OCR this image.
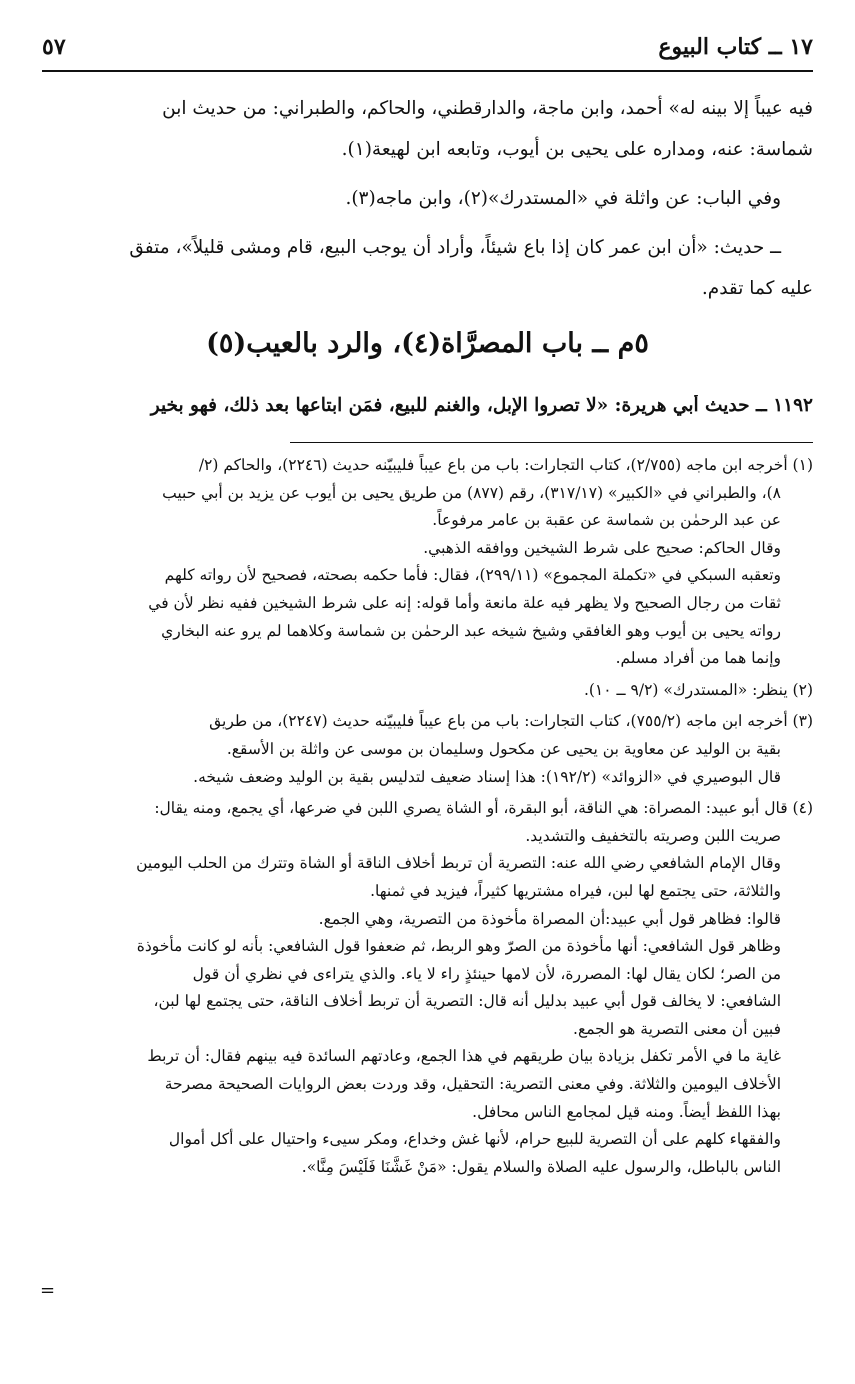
١٧ ــ كتاب البيوع
٥٧
فيه عيباً إلا بينه له» أحمد، وابن ماجة، والدارقطني، والحاكم، والطبراني: من حديث ابن
شماسة: عنه، ومداره على يحيى بن أيوب، وتابعه ابن لهيعة(١).
وفي الباب: عن واثلة في «المستدرك»(٢)، وابن ماجه(٣).
ــ حديث: «أن ابن عمر كان إذا باع شيئاً، وأراد أن يوجب البيع، قام ومشى قليلاً»، متفق
عليه كما تقدم.
٥م ــ باب المصرَّاة(٤)، والرد بالعيب(٥)
١١٩٢ ــ حديث أبي هريرة: «لا تصروا الإبل، والغنم للبيع، فمَن ابتاعها بعد ذلك، فهو بخير
(١) أخرجه ابن ماجه (٢/٧٥٥)، كتاب التجارات: باب من باع عيباً فليبيّنه حديث (٢٢٤٦)، والحاكم (٢/
٨)، والطبراني في «الكبير» (٣١٧/١٧)، رقم (٨٧٧) من طريق يحيى بن أيوب عن يزيد بن أبي حبيب
عن عبد الرحمٰن بن شماسة عن عقبة بن عامر مرفوعاً.
وقال الحاكم: صحيح على شرط الشيخين ووافقه الذهبي.
وتعقبه السبكي في «تكملة المجموع» (٢٩٩/١١)، فقال: فأما حكمه بصحته، فصحيح لأن رواته كلهم
ثقات من رجال الصحيح ولا يظهر فيه علة مانعة وأما قوله: إنه على شرط الشيخين ففيه نظر لأن في
رواته يحيى بن أيوب وهو الغافقي وشيخ شيخه عبد الرحمٰن بن شماسة وكلاهما لم يرو عنه البخاري
وإنما هما من أفراد مسلم.
(٢) ينظر: «المستدرك» (٩/٢ ــ ١٠).
(٣) أخرجه ابن ماجه (٧٥٥/٢)، كتاب التجارات: باب من باع عيباً فليبيّنه حديث (٢٢٤٧)، من طريق
بقية بن الوليد عن معاوية بن يحيى عن مكحول وسليمان بن موسى عن واثلة بن الأسقع.
قال البوصيري في «الزوائد» (١٩٢/٢): هذا إسناد ضعيف لتدليس بقية بن الوليد وضعف شيخه.
(٤) قال أبو عبيد: المصراة: هي الناقة، أبو البقرة، أو الشاة يصري اللبن في ضرعها، أي يجمع، ومنه يقال:
صريت اللبن وصريته بالتخفيف والتشديد.
وقال الإمام الشافعي رضي الله عنه: التصرية أن تربط أخلاف الناقة أو الشاة وتترك من الحلب اليومين
والثلاثة، حتى يجتمع لها لبن، فيراه مشتريها كثيراً، فيزيد في ثمنها.
قالوا: فظاهر قول أبي عبيد:أن المصراة مأخوذة من التصرية، وهي الجمع.
وظاهر قول الشافعي: أنها مأخوذة من الصرّ وهو الربط، ثم ضعفوا قول الشافعي: بأنه لو كانت مأخوذة
من الصر؛ لكان يقال لها: المصررة، لأن لامها حينئذٍ راء لا ياء. والذي يتراءى في نظري أن قول
الشافعي: لا يخالف قول أبي عبيد بدليل أنه قال: التصرية أن تربط أخلاف الناقة، حتى يجتمع لها لبن،
فبين أن معنى التصرية هو الجمع.
غاية ما في الأمر تكفل بزيادة بيان طريقهم في هذا الجمع، وعادتهم السائدة فيه بينهم فقال: أن تربط
الأخلاف اليومين والثلاثة. وفي معنى التصرية: التحقيل، وقد وردت بعض الروايات الصحيحة مصرحة
بهذا اللفظ أيضاً. ومنه قيل لمجامع الناس محافل.
والفقهاء كلهم على أن التصرية للبيع حرام، لأنها غش وخداع، ومكر سيىء واحتيال على أكل أموال
الناس بالباطل، والرسول عليه الصلاة والسلام يقول: «مَنْ غَشَّنَا فَلَيْسَ مِنَّا».
=
